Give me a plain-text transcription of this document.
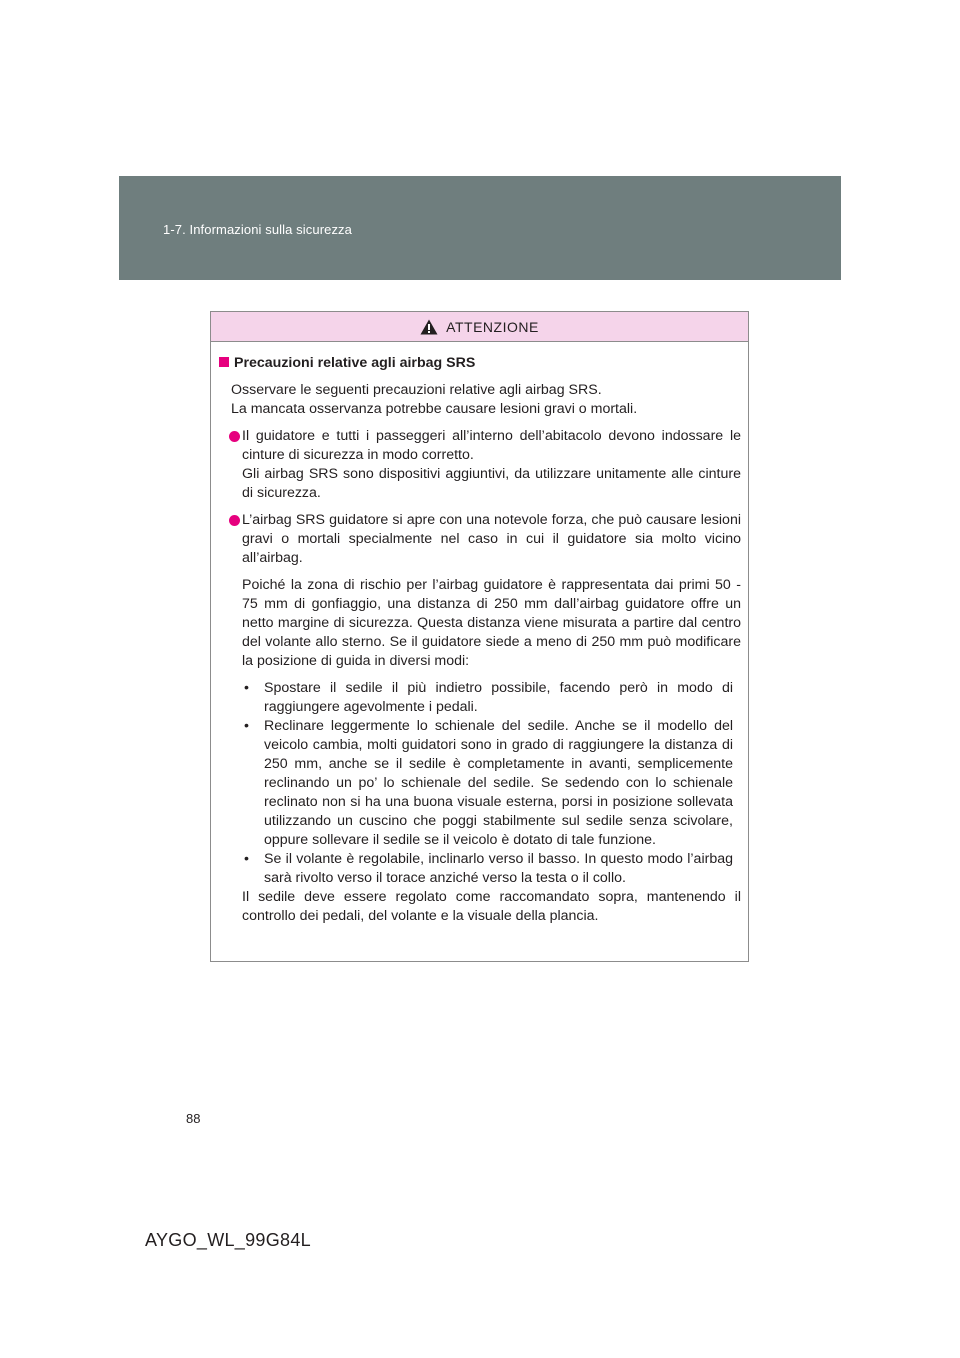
1-7. Informazioni sulla sicurezza
ATTENZIONE
Precauzioni relative agli airbag SRS
Osservare le seguenti precauzioni relative agli airbag SRS.
La mancata osservanza potrebbe causare lesioni gravi o mortali.
Il guidatore e tutti i passeggeri all’interno dell’abitacolo devono indossare le cinture di sicurezza in modo corretto.
Gli airbag SRS sono dispositivi aggiuntivi, da utilizzare unitamente alle cinture di sicurezza.
L’airbag SRS guidatore si apre con una notevole forza, che può causare lesioni gravi o mortali specialmente nel caso in cui il guidatore sia molto vicino all’airbag.
Poiché la zona di rischio per l’airbag guidatore è rappresentata dai primi 50 - 75 mm di gonfiaggio, una distanza di 250 mm dall’airbag guidatore offre un netto margine di sicurezza. Questa distanza viene misurata a partire dal centro del volante allo sterno. Se il guidatore siede a meno di 250 mm può modificare la posizione di guida in diversi modi:
• Spostare il sedile il più indietro possibile, facendo però in modo di raggiungere agevolmente i pedali.
• Reclinare leggermente lo schienale del sedile. Anche se il modello del veicolo cambia, molti guidatori sono in grado di raggiungere la distanza di 250 mm, anche se il sedile è completamente in avanti, semplicemente reclinando un po’ lo schienale del sedile. Se sedendo con lo schienale reclinato non si ha una buona visuale esterna, porsi in posizione sollevata utilizzando un cuscino che poggi stabilmente sul sedile senza scivolare, oppure sollevare il sedile se il veicolo è dotato di tale funzione.
• Se il volante è regolabile, inclinarlo verso il basso. In questo modo l’airbag sarà rivolto verso il torace anziché verso la testa o il collo.
Il sedile deve essere regolato come raccomandato sopra, mantenendo il controllo dei pedali, del volante e la visuale della plancia.
88
AYGO_WL_99G84L
